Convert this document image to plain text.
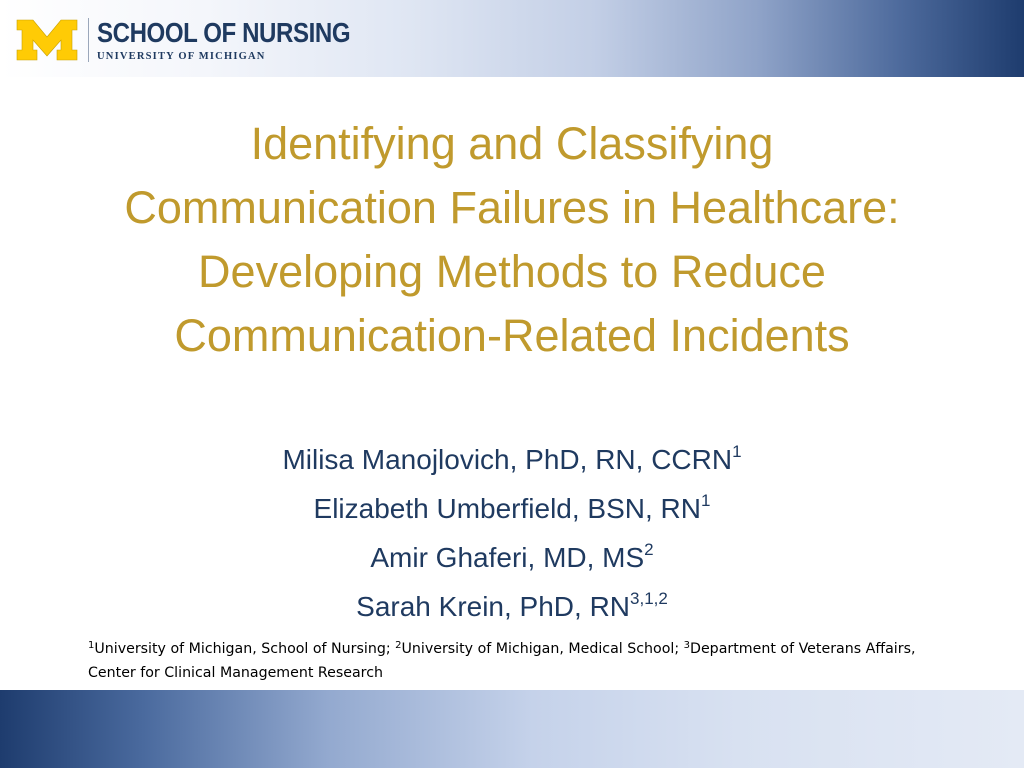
SCHOOL OF NURSING
UNIVERSITY OF MICHIGAN
Identifying and Classifying
Communication Failures in Healthcare:
Developing Methods to Reduce
Communication-Related Incidents
Milisa Manojlovich, PhD, RN, CCRN$^1$
Elizabeth Umberfield, BSN, $RN^1$
Amir Ghaferi, MD, $MS^2$
Sarah Krein, PhD, RN$^{3,1,2}$
$^1$University of Michigan, School of Nursing; $^2$University of Michigan, Medical School; $^3$Department of Veterans Affairs, Center for Clinical Management Research
